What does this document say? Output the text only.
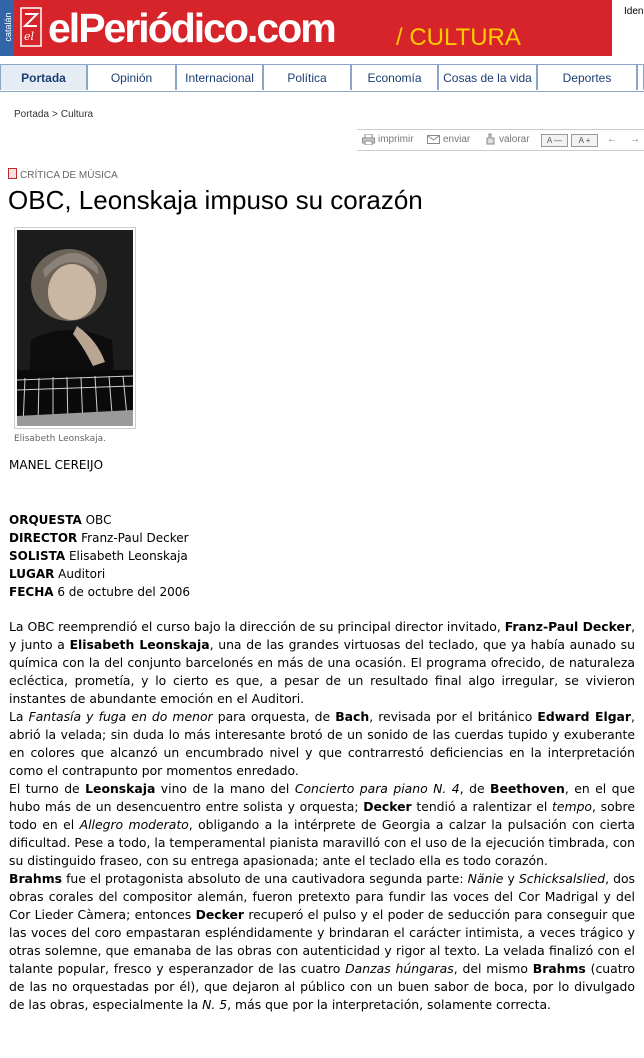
catalán el elPeriódico.com	/ CULTURA
Iden
Portada	Opinión	Internacional	Política	Economía	Cosas de la vida	Deportes
Portada > Cultura
imprimir	enviar	valorar	A —	A +	← →
CRÍTICA DE MÚSICA
OBC, Leonskaja impuso su corazón
Elisabeth Leonskaja.
MANEL CEREIJO
ORQUESTA OBC
DIRECTOR Franz-Paul Decker
SOLISTA Elisabeth Leonskaja
LUGAR Auditori
FECHA 6 de octubre del 2006

La OBC reemprendió el curso bajo la dirección de su principal director invitado, Franz-Paul Decker, y junto a Elisabeth Leonskaja, una de las grandes virtuosas del teclado, que ya había aunado su química con la del conjunto barcelonés en más de una ocasión. El programa ofrecido, de naturaleza ecléctica, prometía, y lo cierto es que, a pesar de un resultado final algo irregular, se vivieron instantes de abundante emoción en el Auditori.

La Fantasía y fuga en do menor para orquesta, de Bach, revisada por el británico Edward Elgar, abrió la velada; sin duda lo más interesante brotó de un sonido de las cuerdas tupido y exuberante en colores que alcanzó un encumbrado nivel y que contrarrestó deficiencias en la interpretación como el contrapunto por momentos enredado.

El turno de Leonskaja vino de la mano del Concierto para piano N. 4, de Beethoven, en el que hubo más de un desencuentro entre solista y orquesta; Decker tendió a ralentizar el tempo, sobre todo en el Allegro moderato, obligando a la intérprete de Georgia a calzar la pulsación con cierta dificultad. Pese a todo, la temperamental pianista maravilló con el uso de la ejecución timbrada, con su distinguido fraseo, con su entrega apasionada; ante el teclado ella es todo corazón.

Brahms fue el protagonista absoluto de una cautivadora segunda parte: Nänie y Schicksalslied, dos obras corales del compositor alemán, fueron pretexto para fundir las voces del Cor Madrigal y del Cor Lieder Càmera; entonces Decker recuperó el pulso y el poder de seducción para conseguir que las voces del coro empastaran espléndidamente y brindaran el carácter intimista, a veces trágico y otras solemne, que emanaba de las obras con autenticidad y rigor al texto. La velada finalizó con el talante popular, fresco y esperanzador de las cuatro Danzas húngaras, del mismo Brahms (cuatro de las no orquestadas por él), que dejaron al público con un buen sabor de boca, por lo divulgado de las obras, especialmente la N. 5, más que por la interpretación, solamente correcta.
